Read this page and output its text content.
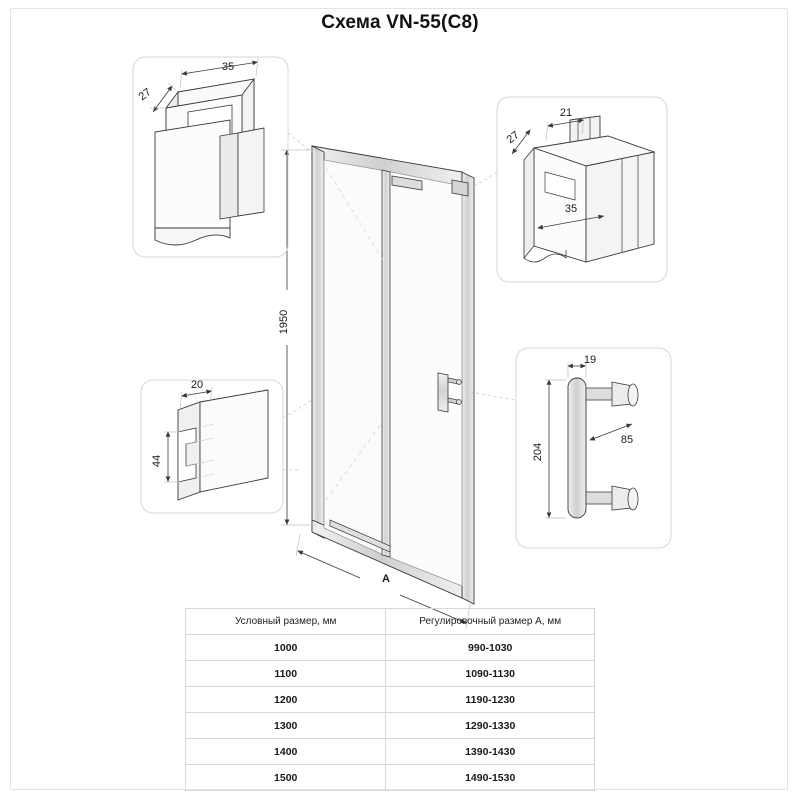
Схема VN-55(C8)
1950
A
35
27
21
27
35
20
44
19
204
85
Условный размер, мм	Регулировочный размер А, мм
1000	990-1030
1100	1090-1130
1200	1190-1230
1300	1290-1330
1400	1390-1430
1500	1490-1530
